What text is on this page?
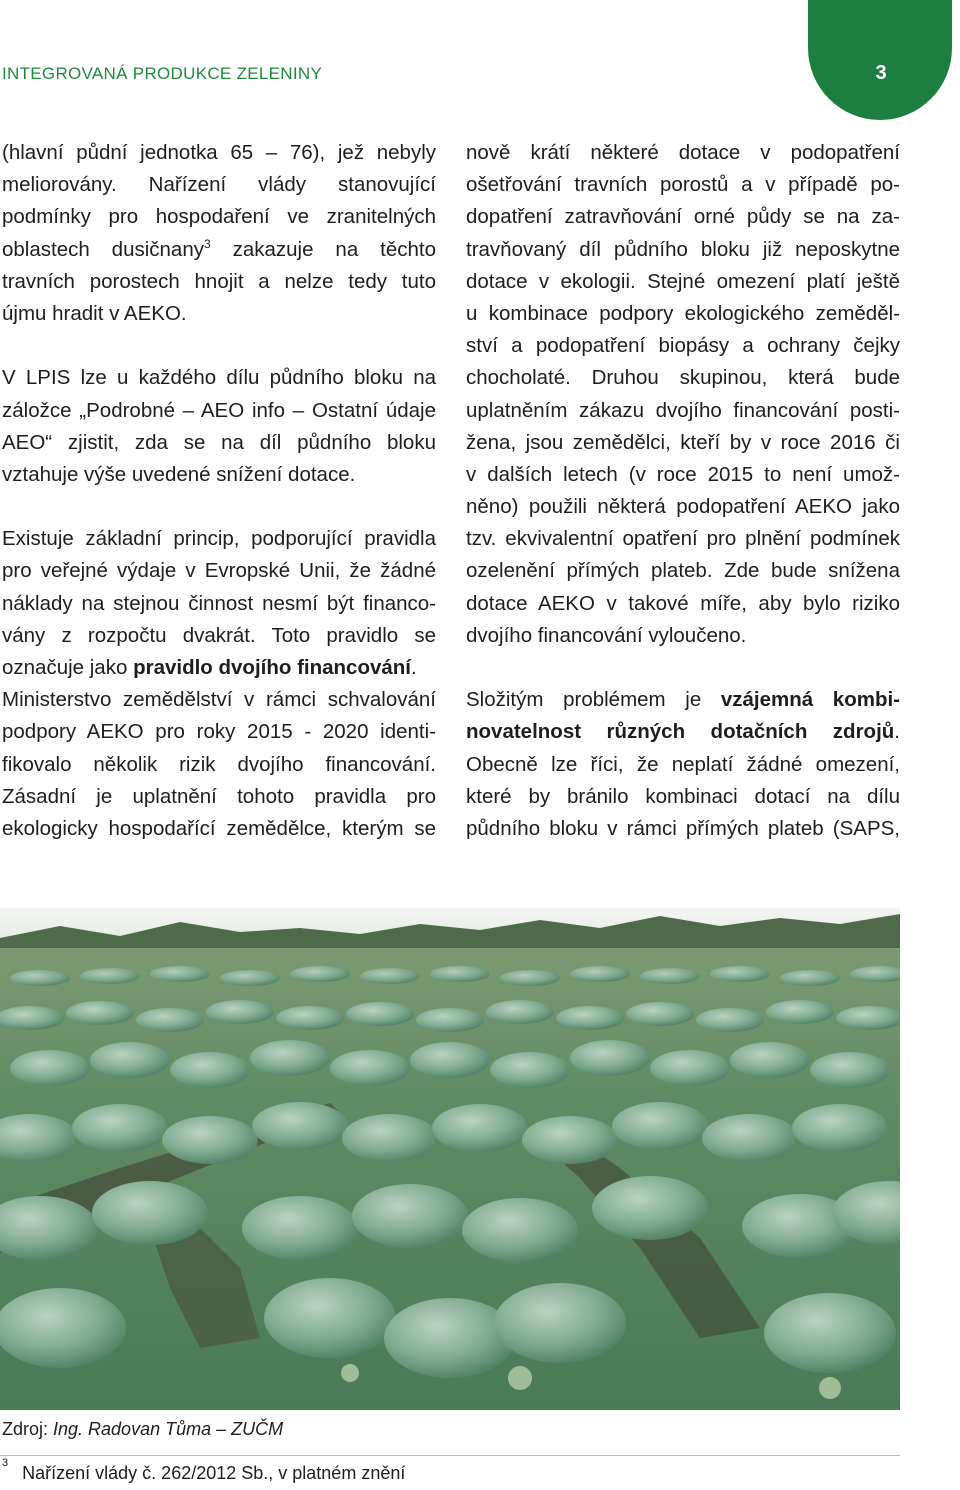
INTEGROVANÁ PRODUKCE ZELENINY	3
(hlavní půdní jednotka 65 – 76), jež nebyly
meliorovány. Nařízení vlády stanovující
podmínky pro hospodaření ve zranitelných
oblastech dusičnany$^3$ zakazuje na těchto
travních porostech hnojit a nelze tedy tuto
újmu hradit v AEKO.
V LPIS lze u každého dílu půdního bloku na
záložce „Podrobné – AEO info – Ostatní údaje
AEO“ zjistit, zda se na díl půdního bloku
vztahuje výše uvedené snížení dotace.
Existuje základní princip, podporující pravidla
pro veřejné výdaje v Evropské Unii, že žádné
náklady na stejnou činnost nesmí být financo-
vány z rozpočtu dvakrát. Toto pravidlo se
označuje jako pravidlo dvojího financování.
Ministerstvo zemědělství v rámci schvalování
podpory AEKO pro roky 2015 - 2020 identi-
fikovalo několik rizik dvojího financování.
Zásadní je uplatnění tohoto pravidla pro
ekologicky hospodařící zemědělce, kterým se
nově krátí některé dotace v podopatření
ošetřování travních porostů a v případě po-
dopatření zatravňování orné půdy se na za-
travňovaný díl půdního bloku již neposkytne
dotace v ekologii. Stejné omezení platí ještě
u kombinace podpory ekologického zeměděl-
ství a podopatření biopásy a ochrany čejky
chocholaté. Druhou skupinou, která bude
uplatněním zákazu dvojího financování posti-
žena, jsou zemědělci, kteří by v roce 2016 či
v dalších letech (v roce 2015 to není umož-
něno) použili některá podopatření AEKO jako
tzv. ekvivalentní opatření pro plnění podmínek
ozelenění přímých plateb. Zde bude snížena
dotace AEKO v takové míře, aby bylo riziko
dvojího financování vyloučeno.
Složitým problémem je vzájemná kombi-
novatelnost různých dotačních zdrojů.
Obecně lze říci, že neplatí žádné omezení,
které by bránilo kombinaci dotací na dílu
půdního bloku v rámci přímých plateb (SAPS,
Zdroj: Ing. Radovan Tůma – ZUČM
$^3$ Nařízení vlády č. 262/2012 Sb., v platném znění
